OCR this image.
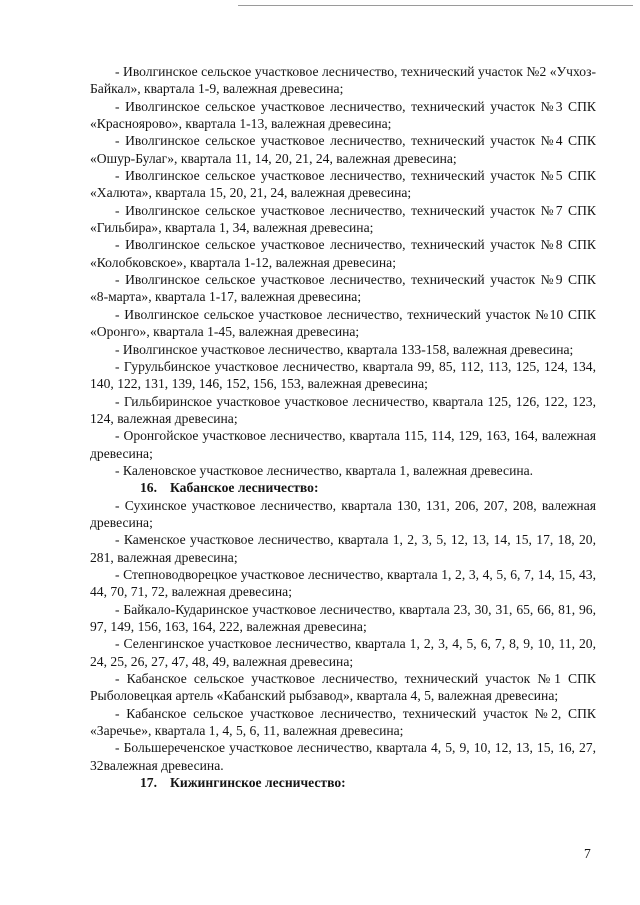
- Иволгинское сельское участковое лесничество, технический участок №2 «Учхоз-Байкал», квартала 1-9, валежная древесина;

- Иволгинское сельское участковое лесничество, технический участок №3 СПК «Краснoярово», квартала 1-13, валежная древесина;

- Иволгинское сельское участковое лесничество, технический участок №4 СПК «Ошур-Булаг», квартала 11, 14, 20, 21, 24, валежная древесина;

- Иволгинское сельское участковое лесничество, технический участок №5 СПК «Халюта», квартала 15, 20, 21, 24, валежная древесина;

- Иволгинское сельское участковое лесничество, технический участок №7 СПК «Гильбира», квартала 1, 34, валежная древесина;

- Иволгинское сельское участковое лесничество, технический участок №8 СПК «Колобковское», квартала 1-12, валежная древесина;

- Иволгинское сельское участковое лесничество, технический участок №9 СПК «8-марта», квартала 1-17, валежная древесина;

- Иволгинское сельское участковое лесничество, технический участок №10 СПК «Оронго», квартала 1-45, валежная древесина;

- Иволгинское участковое лесничество, квартала 133-158, валежная древесина;

- Гурульбинское участковое лесничество, квартала 99, 85, 112, 113, 125, 124, 134, 140, 122, 131, 139, 146, 152, 156, 153, валежная древесина;

- Гильбиринское участковое участковое лесничество, квартала 125, 126, 122, 123, 124, валежная древесина;

- Оронгойское участковое лесничество, квартала 115, 114, 129, 163, 164, валежная древесина;

- Каленовское участковое лесничество, квартала 1, валежная древесина.

16. Кабанское лесничество:

- Сухинское участковое лесничество, квартала 130, 131, 206, 207, 208, валежная древесина;

- Каменское участковое лесничество, квартала 1, 2, 3, 5, 12, 13, 14, 15, 17, 18, 20, 281, валежная древесина;

- Степноводворецкое участковое лесничество, квартала 1, 2, 3, 4, 5, 6, 7, 14, 15, 43, 44, 70, 71, 72, валежная древесина;

- Байкало-Кударинское участковое лесничество, квартала 23, 30, 31, 65, 66, 81, 96, 97, 149, 156, 163, 164, 222, валежная древесина;

- Селенгинское участковое лесничество, квартала 1, 2, 3, 4, 5, 6, 7, 8, 9, 10, 11, 20, 24, 25, 26, 27, 47, 48, 49, валежная древесина;

- Кабанское сельское участковое лесничество, технический участок №1 СПК Рыболовецкая артель «Кабанский рыбзавод», квартала 4, 5, валежная древесина;

- Кабанское сельское участковое лесничество, технический участок №2, СПК «Заречье», квартала 1, 4, 5, 6, 11, валежная древесина;

- Большереченское участковое лесничество, квартала 4, 5, 9, 10, 12, 13, 15, 16, 27, 32валежная древесина.

17. Кижингинское лесничество:

7
